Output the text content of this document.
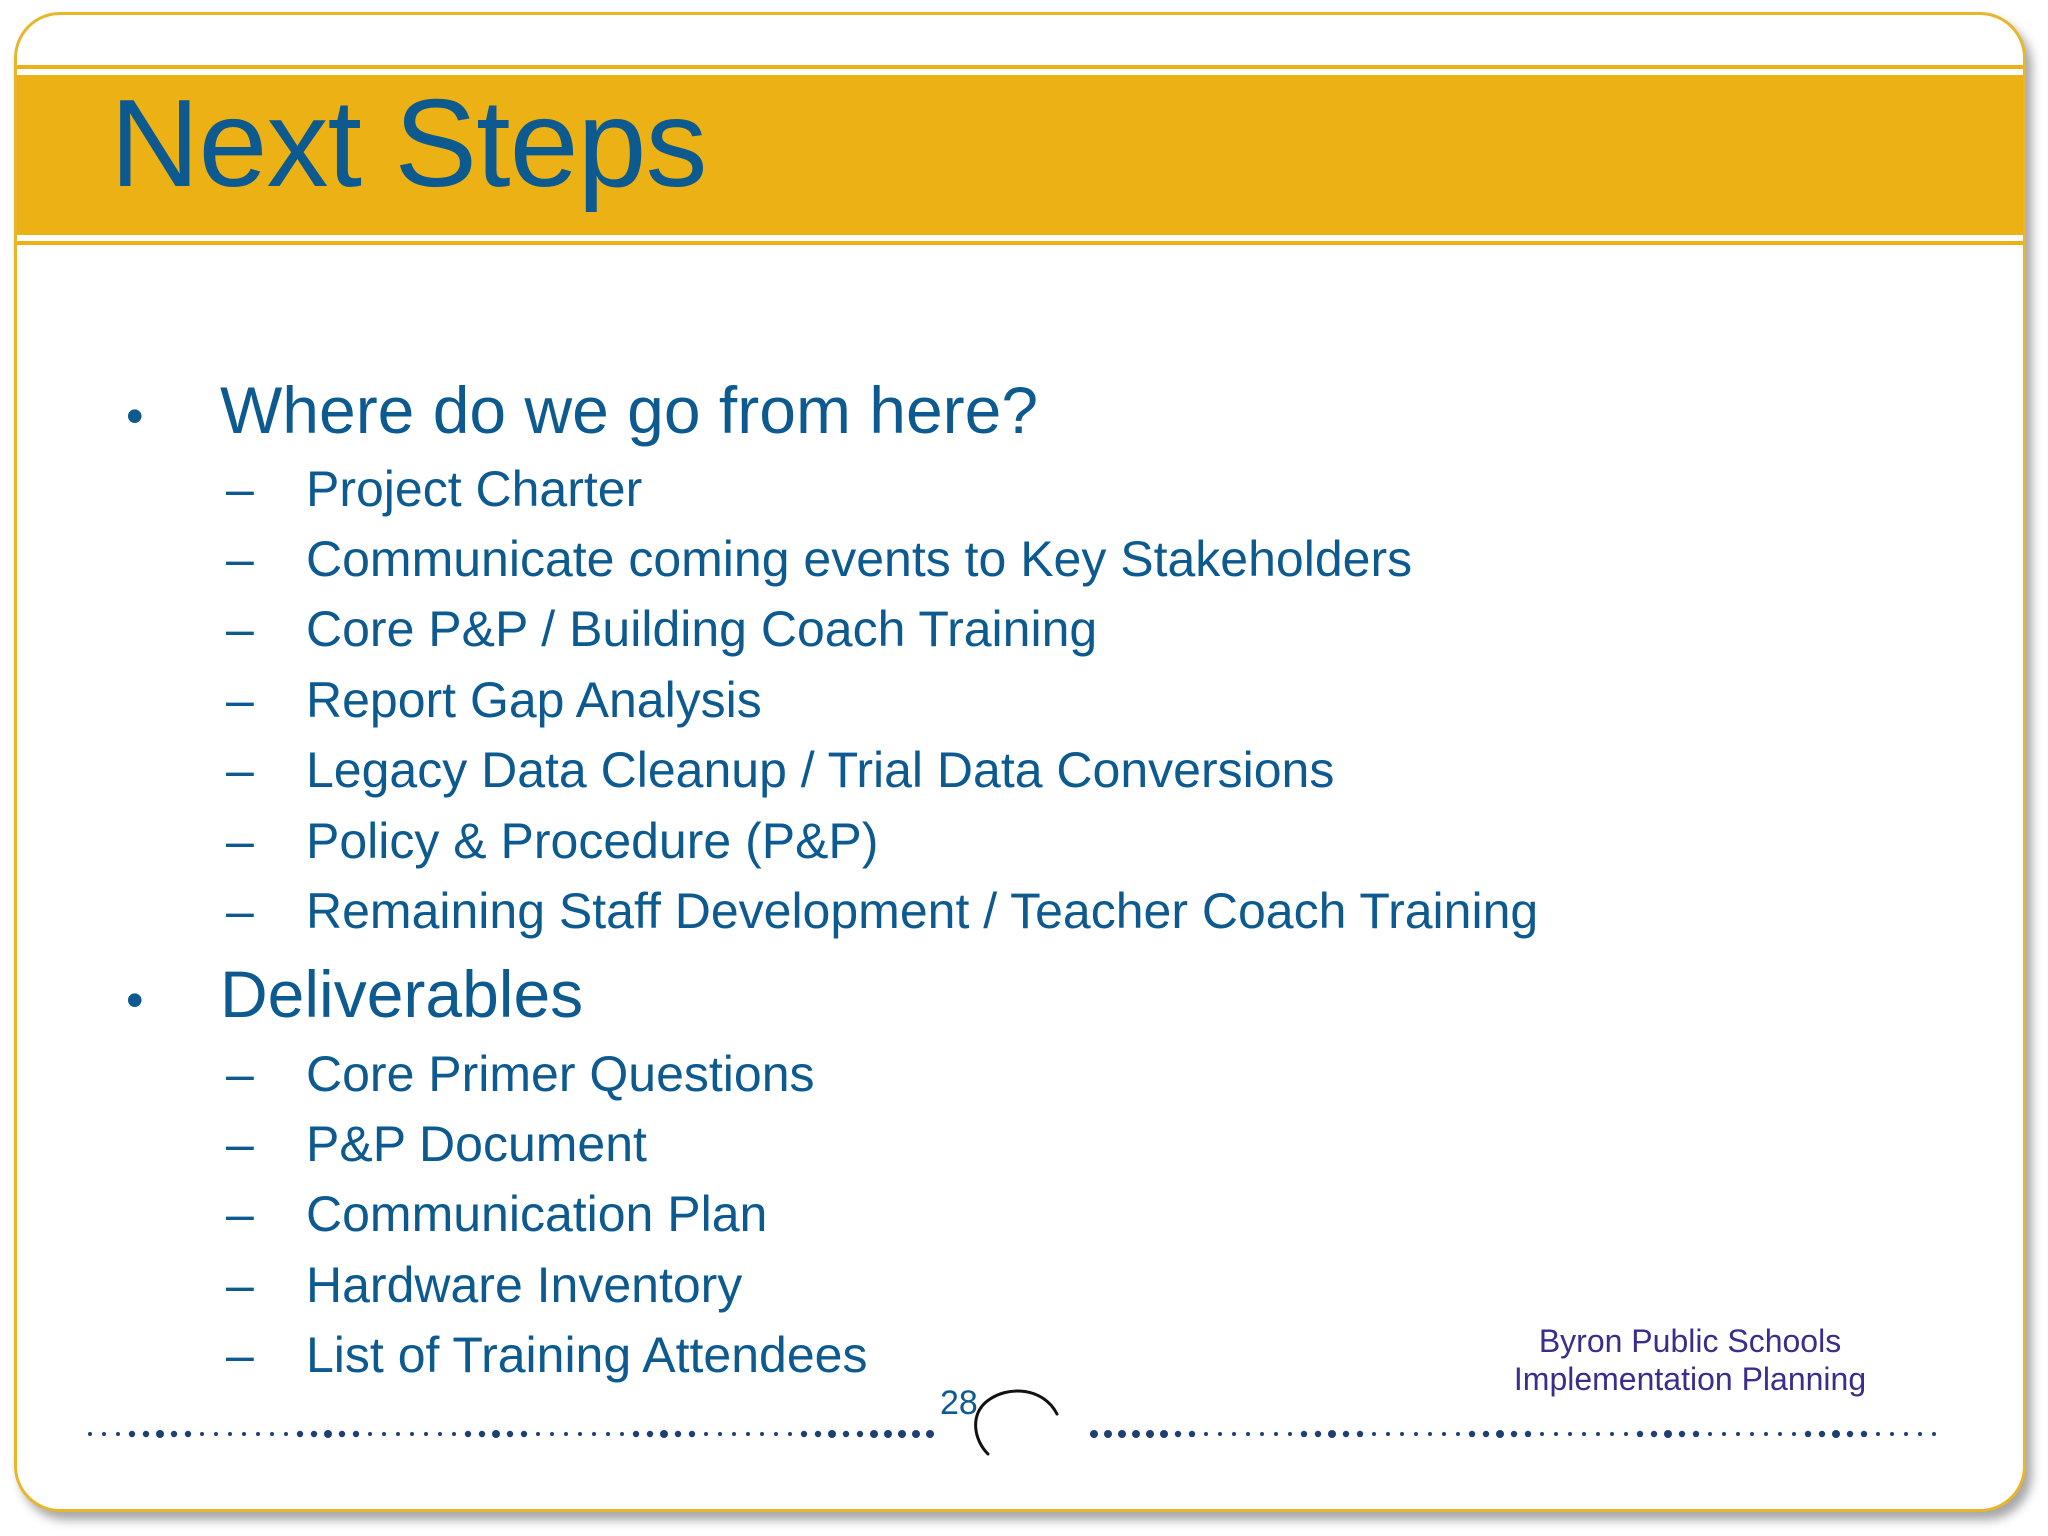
Next Steps
•	Where do we go from here?
–	Project Charter
–	Communicate coming events to Key Stakeholders
–	Core P&P / Building Coach Training
–	Report Gap Analysis
–	Legacy Data Cleanup / Trial Data Conversions
–	Policy & Procedure (P&P)
–	Remaining Staff Development / Teacher Coach Training
•	Deliverables
–	Core Primer Questions
–	P&P Document
–	Communication Plan
–	Hardware Inventory
–	List of Training Attendees	Byron Public Schools
Implementation Planning
28
